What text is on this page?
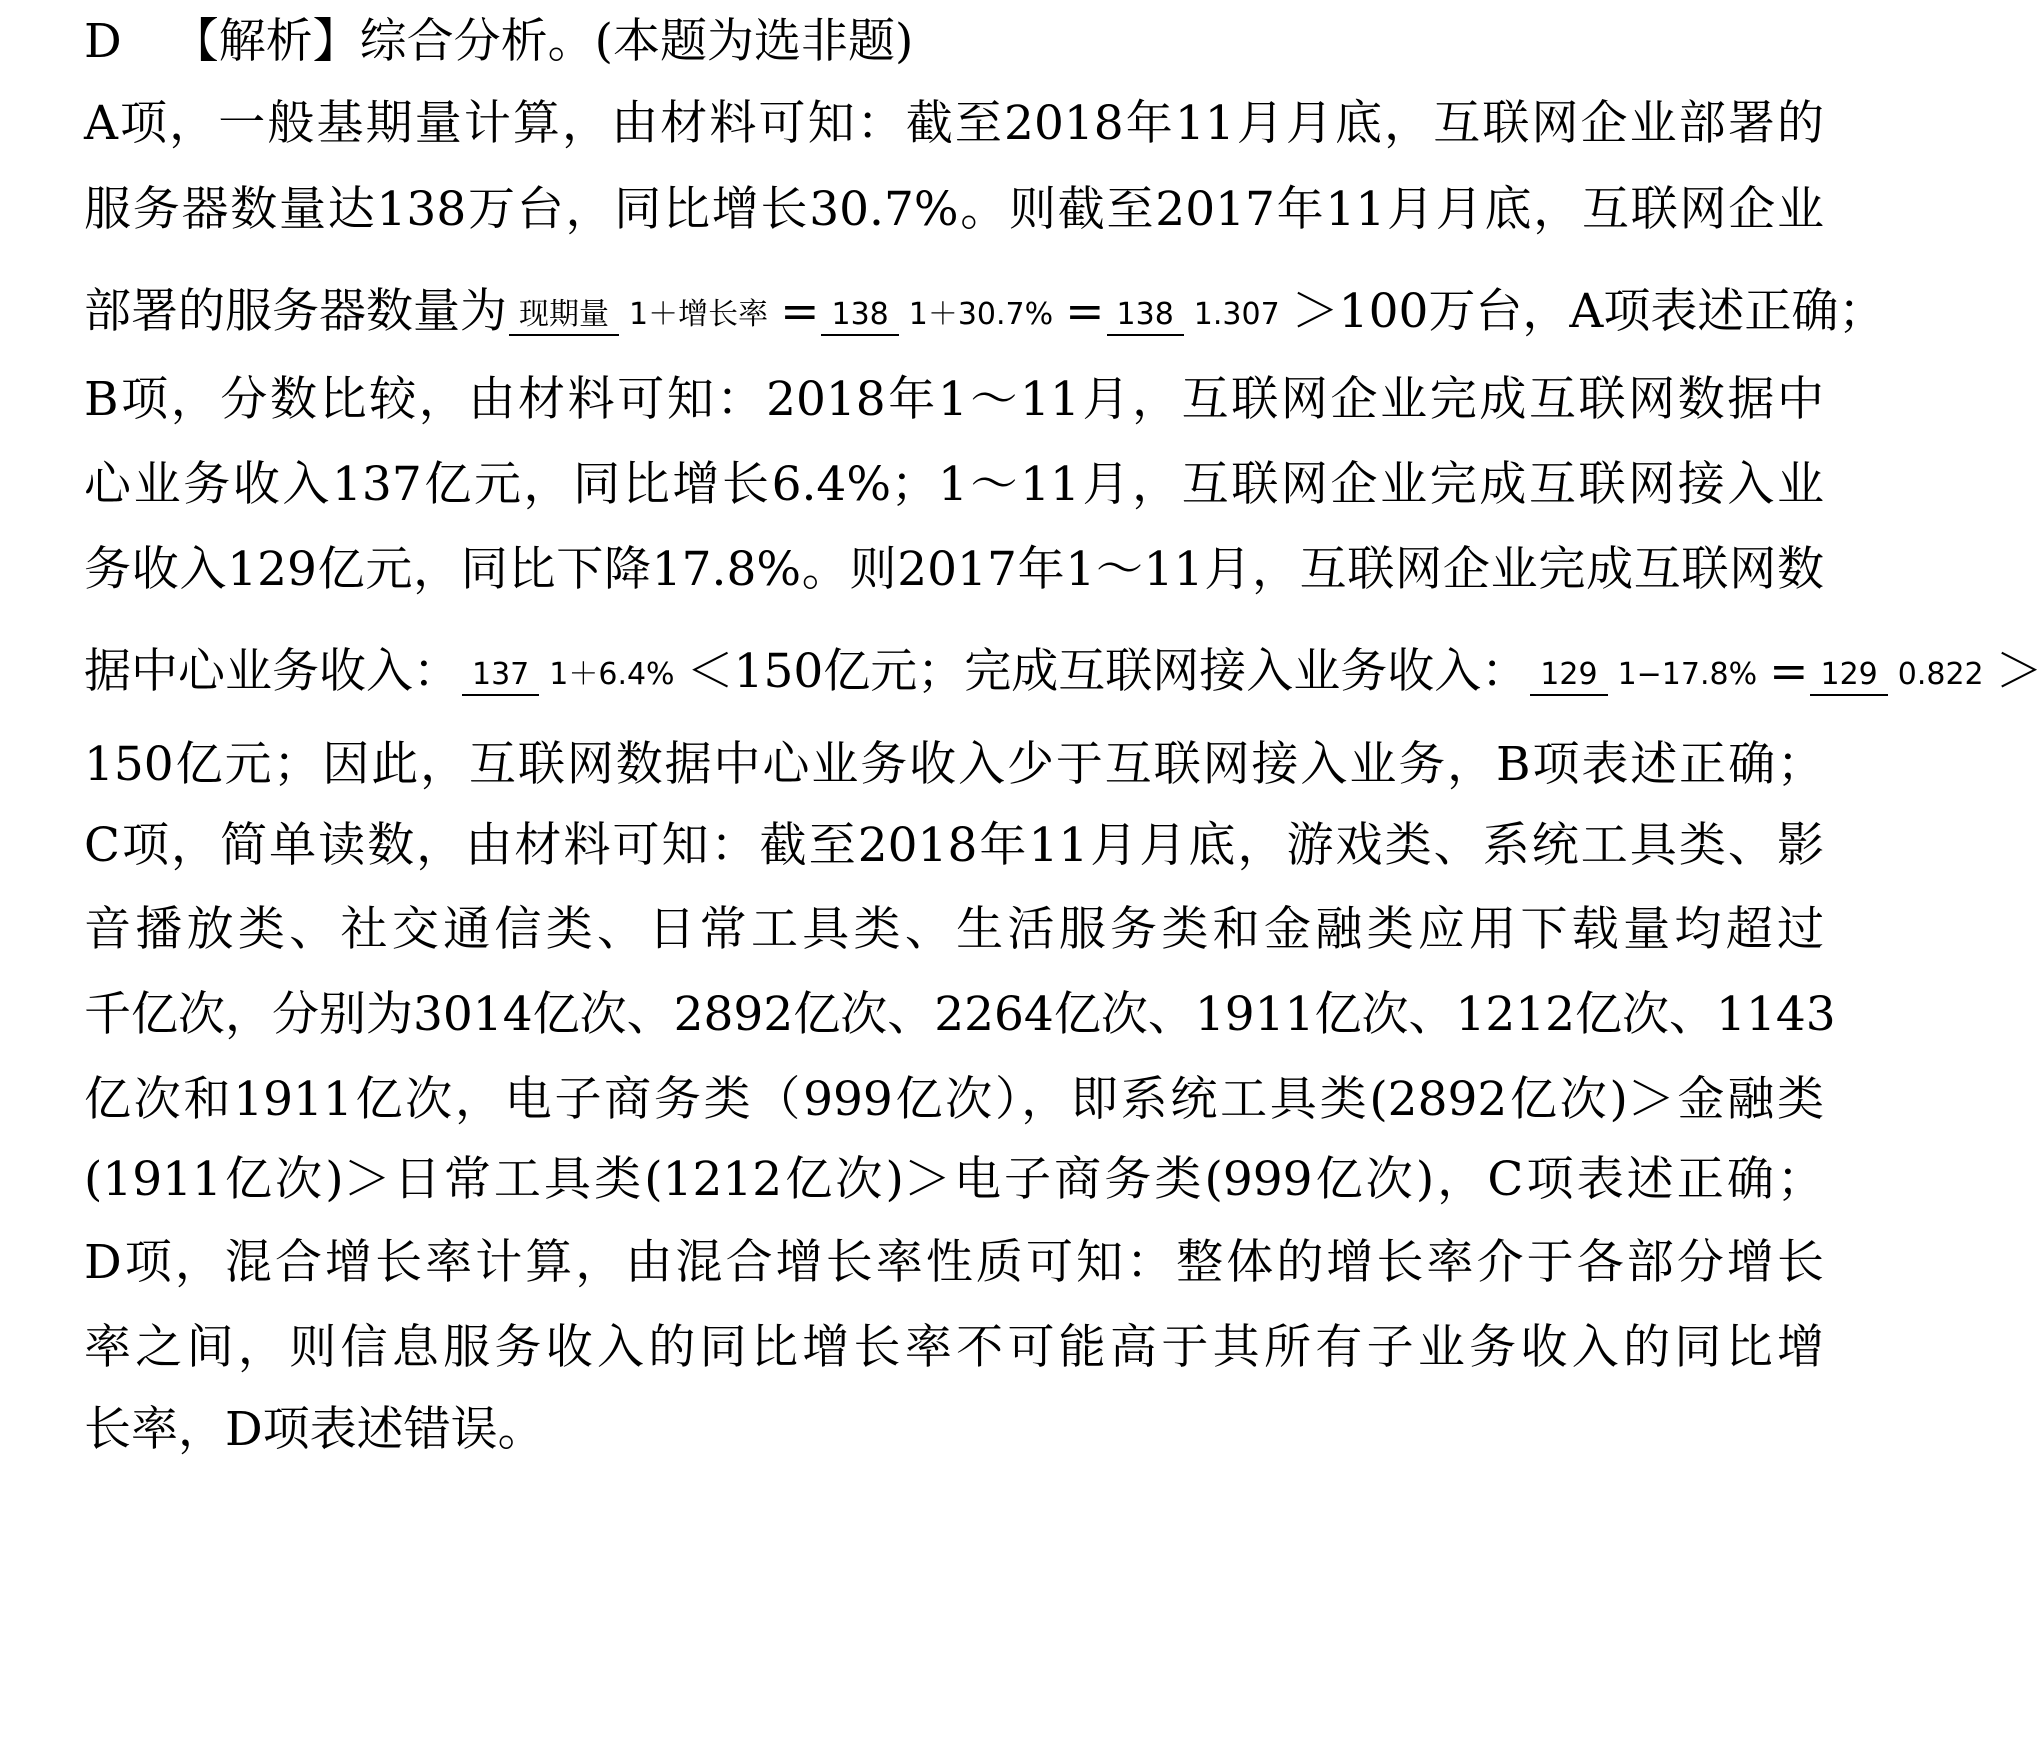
D 【解析】综合分析。(本题为选非题)
A项，一般基期量计算，由材料可知：截至2018年11月月底，互联网企业部署的
服务器数量达138万台，同比增长30.7%。则截至2017年11月月底，互联网企业
部署的服务器数量为 现期量 1＋增长率 = 138 1＋30.7% = 138 1.307 ＞100万台，A项表述正确；
B项，分数比较，由材料可知：2018年1～11月，互联网企业完成互联网数据中
心业务收入137亿元，同比增长6.4%；1～11月，互联网企业完成互联网接入业
务收入129亿元，同比下降17.8%。则2017年1～11月，互联网企业完成互联网数
据中心业务收入： 137 1＋6.4% ＜150亿元；完成互联网接入业务收入： 129 1−17.8% = 129 0.822 ＞
150亿元；因此，互联网数据中心业务收入少于互联网接入业务，B项表述正确；
C项，简单读数，由材料可知：截至2018年11月月底，游戏类、系统工具类、影
音播放类、社交通信类、日常工具类、生活服务类和金融类应用下载量均超过
千亿次，分别为3014亿次、2892亿次、2264亿次、1911亿次、1212亿次、1143
亿次和1911亿次，电子商务类（999亿次），即系统工具类(2892亿次)＞金融类
(1911亿次)＞日常工具类(1212亿次)＞电子商务类(999亿次)，C项表述正确；
D项，混合增长率计算，由混合增长率性质可知：整体的增长率介于各部分增长
率之间，则信息服务收入的同比增长率不可能高于其所有子业务收入的同比增
长率，D项表述错误。
